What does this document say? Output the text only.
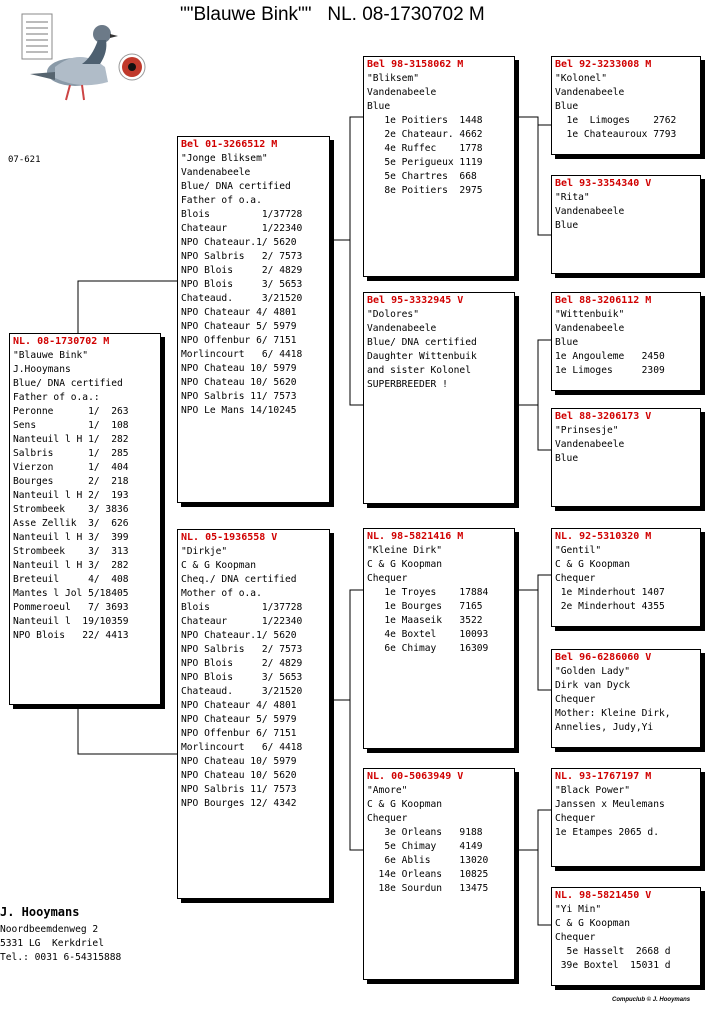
""Blauwe Bink""   NL. 08-1730702 M
07-621
NL. 08-1730702 M
"Blauwe Bink"
J.Hooymans
Blue/ DNA certified
Father of o.a.:
Peronne      1/  263
Sens         1/  108
Nanteuil l H 1/  282
Salbris      1/  285
Vierzon      1/  404
Bourges      2/  218
Nanteuil l H 2/  193
Strombeek    3/ 3836
Asse Zellik  3/  626
Nanteuil l H 3/  399
Strombeek    3/  313
Nanteuil l H 3/  282
Breteuil     4/  408
Mantes l Jol 5/18405
Pommeroeul   7/ 3693
Nanteuil l  19/10359
NPO Blois   22/ 4413
Bel 01-3266512 M
"Jonge Bliksem"
Vandenabeele
Blue/ DNA certified
Father of o.a.
Blois         1/37728
Chateaur      1/22340
NPO Chateaur.1/ 5620
NPO Salbris   2/ 7573
NPO Blois     2/ 4829
NPO Blois     3/ 5653
Chateaud.     3/21520
NPO Chateaur 4/ 4801
NPO Chateaur 5/ 5979
NPO Offenbur 6/ 7151
Morlincourt   6/ 4418
NPO Chateau 10/ 5979
NPO Chateau 10/ 5620
NPO Salbris 11/ 7573
NPO Le Mans 14/10245
NL. 05-1936558 V
"Dirkje"
C & G Koopman
Cheq./ DNA certified
Mother of o.a.
Blois         1/37728
Chateaur      1/22340
NPO Chateaur.1/ 5620
NPO Salbris   2/ 7573
NPO Blois     2/ 4829
NPO Blois     3/ 5653
Chateaud.     3/21520
NPO Chateaur 4/ 4801
NPO Chateaur 5/ 5979
NPO Offenbur 6/ 7151
Morlincourt   6/ 4418
NPO Chateau 10/ 5979
NPO Chateau 10/ 5620
NPO Salbris 11/ 7573
NPO Bourges 12/ 4342
Bel 98-3158062 M
"Bliksem"
Vandenabeele
Blue
1e Poitiers  1448
2e Chateaur. 4662
4e Ruffec    1778
5e Perigueux 1119
5e Chartres  668
8e Poitiers  2975
Bel 95-3332945 V
"Dolores"
Vandenabeele
Blue/ DNA certified
Daughter Wittenbuik
and sister Kolonel
SUPERBREEDER !
NL. 98-5821416 M
"Kleine Dirk"
C & G Koopman
Chequer
1e Troyes    17884
1e Bourges   7165
1e Maaseik   3522
4e Boxtel    10093
6e Chimay    16309
NL. 00-5063949 V
"Amore"
C & G Koopman
Chequer
3e Orleans   9188
5e Chimay    4149
6e Ablis     13020
14e Orleans   10825
18e Sourdun   13475
Bel 92-3233008 M
"Kolonel"
Vandenabeele
Blue
1e  Limoges    2762
1e Chateauroux 7793
Bel 93-3354340 V
"Rita"
Vandenabeele
Blue
Bel 88-3206112 M
"Wittenbuik"
Vandenabeele
Blue
1e Angouleme   2450
1e Limoges     2309
Bel 88-3206173 V
"Prinsesje"
Vandenabeele
Blue
NL. 92-5310320 M
"Gentil"
C & G Koopman
Chequer
1e Minderhout 1407
2e Minderhout 4355
Bel 96-6286060 V
"Golden Lady"
Dirk van Dyck
Chequer
Mother: Kleine Dirk,
Annelies, Judy,Yi
NL. 93-1767197 M
"Black Power"
Janssen x Meulemans
Chequer
1e Etampes 2065 d.
NL. 98-5821450 V
"Yi Min"
C & G Koopman
Chequer
5e Hasselt  2668 d
39e Boxtel  15031 d
J. Hooymans
Noordbeemdenweg 2
5331 LG  Kerkdriel
Tel.: 0031 6-54315888
Compuclub © J. Hooymans
